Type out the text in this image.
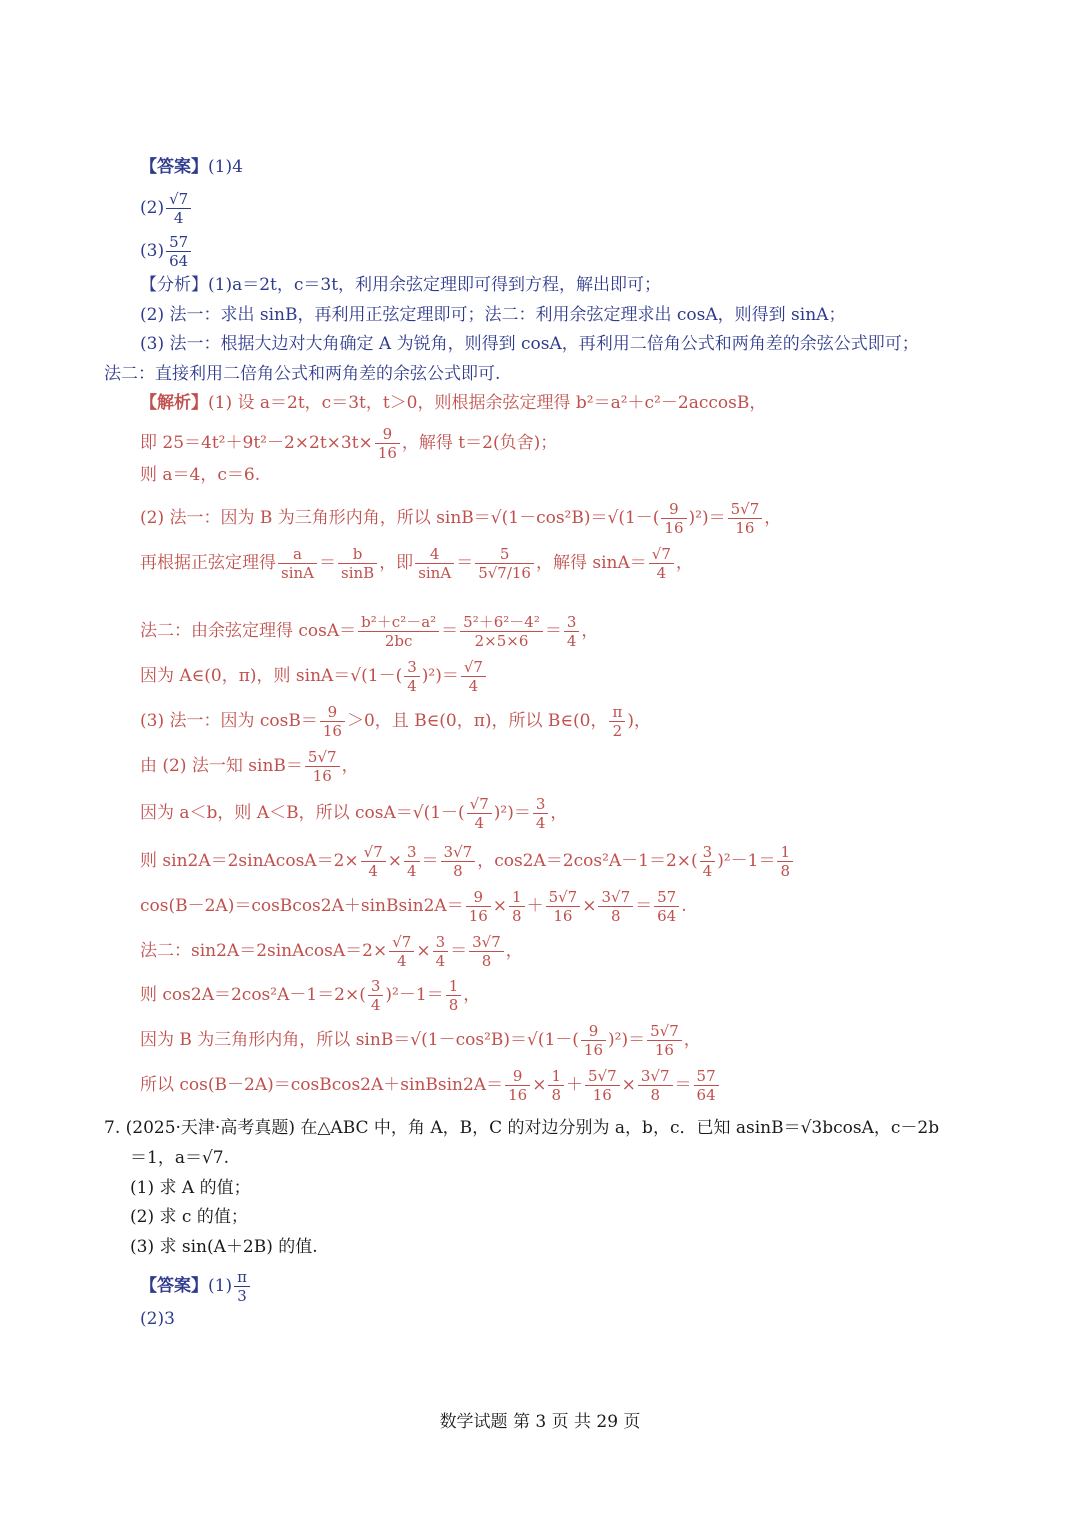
【答案】(1)4
$(2) \frac{√7}{4}$
$(3) \frac{57}{64}$
【分析】(1)a＝2t，c＝3t，利用余弦定理即可得到方程，解出即可；
(2) 法一：求出 sinB，再利用正弦定理即可；法二：利用余弦定理求出 cosA，则得到 sinA；
(3) 法一：根据大边对大角确定 A 为锐角，则得到 cosA，再利用二倍角公式和两角差的余弦公式即可；
法二：直接利用二倍角公式和两角差的余弦公式即可.
【解析】(1) 设 a＝2t，c＝3t，t＞0，则根据余弦定理得 b²＝a²＋c²－2accosB，
即 $25=4t^2+9t^2-2\times 2t\times 3t\times \frac{9}{16}$ ，解得 t＝2(负舍)；
则 a＝4，c＝6.
(2) 法一：因为 B 为三角形内角，所以 $\sin B=√(1-\cos^2B)=√(1-( \frac{9}{16} )^2)= \frac{5√7}{16}$ ，
再根据正弦定理得 $\frac{a}{\sin A} = \frac{b}{\sin B}$ ，即 $\frac{4}{\sin A} = \frac{5}{5√7/16}$ ，解得 $\sin A= \frac{√7}{4}$ ，
法二：由余弦定理得 $\cos A= \frac{\text{b²＋c²－a²}}{2bc} = \frac{\text{5²＋6²－4²}}{2\times 5\times 6} = \frac{3}{4}$ ，
因为 A∈(0，π)，则 $\sin A=√(1-( \frac{3}{4} )^2)= \frac{√7}{4}$
(3) 法一：因为 $\cos B= \frac{9}{16} >0$，且 B∈(0，π)，所以 B∈(0， $\frac{\pi}{2}$ )，
由 (2) 法一知 $\sin B= \frac{5√7}{16}$ ，
因为 a＜b，则 A＜B，所以 $\cos A=√(1-( \frac{√7}{4} )^2)= \frac{3}{4}$ ，
则 sin2A＝2sinAcosA＝2× $\frac{√7}{4} \times \frac{3}{4} = \frac{3√7}{8}$ ，$\cos 2A=2\cos^2A-1=2\times( \frac{3}{4} )^2-1= \frac{1}{8}$
cos(B－2A)＝cosBcos2A＋sinBsin2A＝ $\frac{9}{16} \times \frac{1}{8} + \frac{5√7}{16} \times \frac{3√7}{8} = \frac{57}{64}$ .
法二：sin2A＝2sinAcosA＝2× $\frac{√7}{4} \times \frac{3}{4} = \frac{3√7}{8}$ ，
则 $\cos 2A=2\cos^2A-1=2\times( \frac{3}{4} )^2-1= \frac{1}{8}$ ，
因为 B 为三角形内角，所以 $\sin B=√(1-\cos^2B)=√(1-( \frac{9}{16} )^2)= \frac{5√7}{16}$ ，
所以 cos(B－2A)＝cosBcos2A＋sinBsin2A＝ $\frac{9}{16} \times \frac{1}{8} + \frac{5√7}{16} \times \frac{3√7}{8} = \frac{57}{64}$
7. (2025·天津·高考真题) 在△ABC 中，角 A，B，C 的对边分别为 a，b，c．已知 asinB＝√3bcosA，c－2b
＝1，a＝√7.
(1) 求 A 的值；
(2) 求 c 的值；
(3) 求 sin(A＋2B) 的值.
【答案】$(1) \frac{\pi}{3}$
(2)3
数学试题 第 3 页 共 29 页
